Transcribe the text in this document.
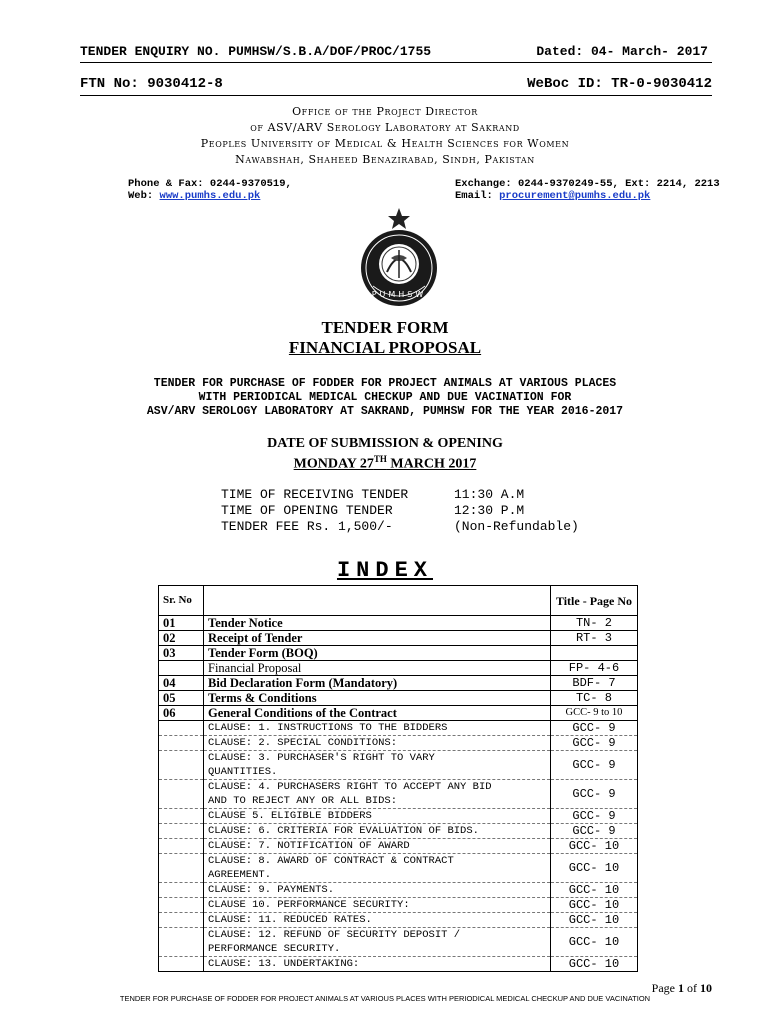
TENDER ENQUIRY NO. PUMHSW/S.B.A/DOF/PROC/1755	Dated: 04- March- 2017
FTN No: 9030412-8	WeBoc ID: TR-0-9030412
Office of the Project Director
of ASV/ARV Serology Laboratory at Sakrand
Peoples University of Medical & Health Sciences for Women
Nawabshah, Shaheed Benazirabad, Sindh, Pakistan
Phone & Fax: 0244-9370519,
Web: www.pumhs.edu.pk
Exchange: 0244-9370249-55, Ext: 2214, 2213
Email: procurement@pumhs.edu.pk
PUMHSW
TENDER FORM
FINANCIAL PROPOSAL
TENDER FOR PURCHASE OF FODDER FOR PROJECT ANIMALS AT VARIOUS PLACES
WITH PERIODICAL MEDICAL CHECKUP AND DUE VACINATION FOR
ASV/ARV SEROLOGY LABORATORY AT SAKRAND, PUMHSW FOR THE YEAR 2016-2017
DATE OF SUBMISSION & OPENING
MONDAY 27TH MARCH 2017
TIME OF RECEIVING TENDER	11:30 A.M
TIME OF OPENING TENDER	12:30 P.M
TENDER FEE Rs. 1,500/-	(Non-Refundable)
INDEX
Sr. No		Title - Page No
01	Tender Notice	TN- 2
02	Receipt of Tender	RT- 3
03	Tender Form (BOQ)	
	Financial Proposal	FP- 4-6
04	Bid Declaration Form (Mandatory)	BDF- 7
05	Terms & Conditions	TC- 8
06	General Conditions of the Contract	GCC- 9 to 10
	CLAUSE: 1. INSTRUCTIONS TO THE BIDDERS	GCC- 9
	CLAUSE: 2. SPECIAL CONDITIONS:	GCC- 9
	CLAUSE: 3. PURCHASER'S RIGHT TO VARY QUANTITIES.	GCC- 9
	CLAUSE: 4. PURCHASERS RIGHT TO ACCEPT ANY BID AND TO REJECT ANY OR ALL BIDS:	GCC- 9
	CLAUSE 5. ELIGIBLE BIDDERS	GCC- 9
	CLAUSE: 6. CRITERIA FOR EVALUATION OF BIDS.	GCC- 9
	CLAUSE: 7. NOTIFICATION OF AWARD	GCC- 10
	CLAUSE: 8. AWARD OF CONTRACT & CONTRACT AGREEMENT.	GCC- 10
	CLAUSE: 9. PAYMENTS.	GCC- 10
	CLAUSE 10. PERFORMANCE SECURITY:	GCC- 10
	CLAUSE: 11. REDUCED RATES.	GCC- 10
	CLAUSE: 12. REFUND OF SECURITY DEPOSIT / PERFORMANCE SECURITY.	GCC- 10
	CLAUSE: 13. UNDERTAKING:	GCC- 10
Page 1 of 10
TENDER FOR PURCHASE OF FODDER FOR PROJECT ANIMALS AT VARIOUS PLACES WITH PERIODICAL MEDICAL CHECKUP AND DUE VACINATION
